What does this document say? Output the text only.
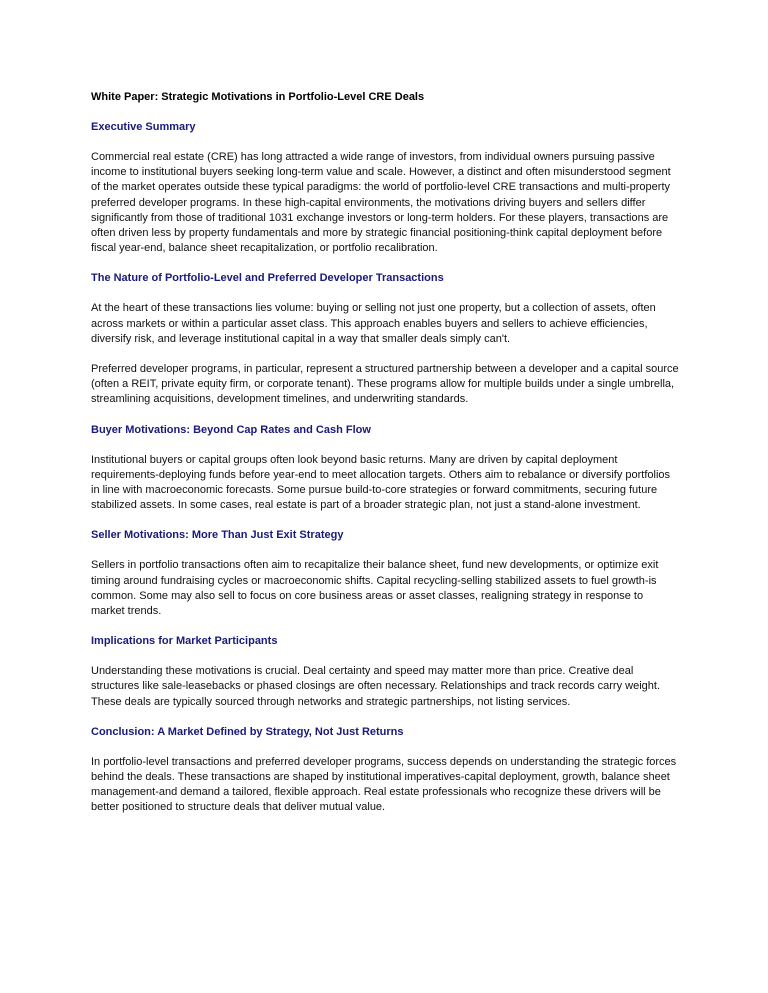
White Paper: Strategic Motivations in Portfolio-Level CRE Deals
Executive Summary

Commercial real estate (CRE) has long attracted a wide range of investors, from individual owners pursuing passive income to institutional buyers seeking long-term value and scale. However, a distinct and often misunderstood segment of the market operates outside these typical paradigms: the world of portfolio-level CRE transactions and multi-property preferred developer programs. In these high-capital environments, the motivations driving buyers and sellers differ significantly from those of traditional 1031 exchange investors or long-term holders. For these players, transactions are often driven less by property fundamentals and more by strategic financial positioning-think capital deployment before fiscal year-end, balance sheet recapitalization, or portfolio recalibration.

The Nature of Portfolio-Level and Preferred Developer Transactions

At the heart of these transactions lies volume: buying or selling not just one property, but a collection of assets, often across markets or within a particular asset class. This approach enables buyers and sellers to achieve efficiencies, diversify risk, and leverage institutional capital in a way that smaller deals simply can't.

Preferred developer programs, in particular, represent a structured partnership between a developer and a capital source (often a REIT, private equity firm, or corporate tenant). These programs allow for multiple builds under a single umbrella, streamlining acquisitions, development timelines, and underwriting standards.

Buyer Motivations: Beyond Cap Rates and Cash Flow

Institutional buyers or capital groups often look beyond basic returns. Many are driven by capital deployment requirements-deploying funds before year-end to meet allocation targets. Others aim to rebalance or diversify portfolios in line with macroeconomic forecasts. Some pursue build-to-core strategies or forward commitments, securing future stabilized assets. In some cases, real estate is part of a broader strategic plan, not just a stand-alone investment.

Seller Motivations: More Than Just Exit Strategy

Sellers in portfolio transactions often aim to recapitalize their balance sheet, fund new developments, or optimize exit timing around fundraising cycles or macroeconomic shifts. Capital recycling-selling stabilized assets to fuel growth-is common. Some may also sell to focus on core business areas or asset classes, realigning strategy in response to market trends.

Implications for Market Participants

Understanding these motivations is crucial. Deal certainty and speed may matter more than price. Creative deal structures like sale-leasebacks or phased closings are often necessary. Relationships and track records carry weight. These deals are typically sourced through networks and strategic partnerships, not listing services.

Conclusion: A Market Defined by Strategy, Not Just Returns

In portfolio-level transactions and preferred developer programs, success depends on understanding the strategic forces behind the deals. These transactions are shaped by institutional imperatives-capital deployment, growth, balance sheet management-and demand a tailored, flexible approach. Real estate professionals who recognize these drivers will be better positioned to structure deals that deliver mutual value.
